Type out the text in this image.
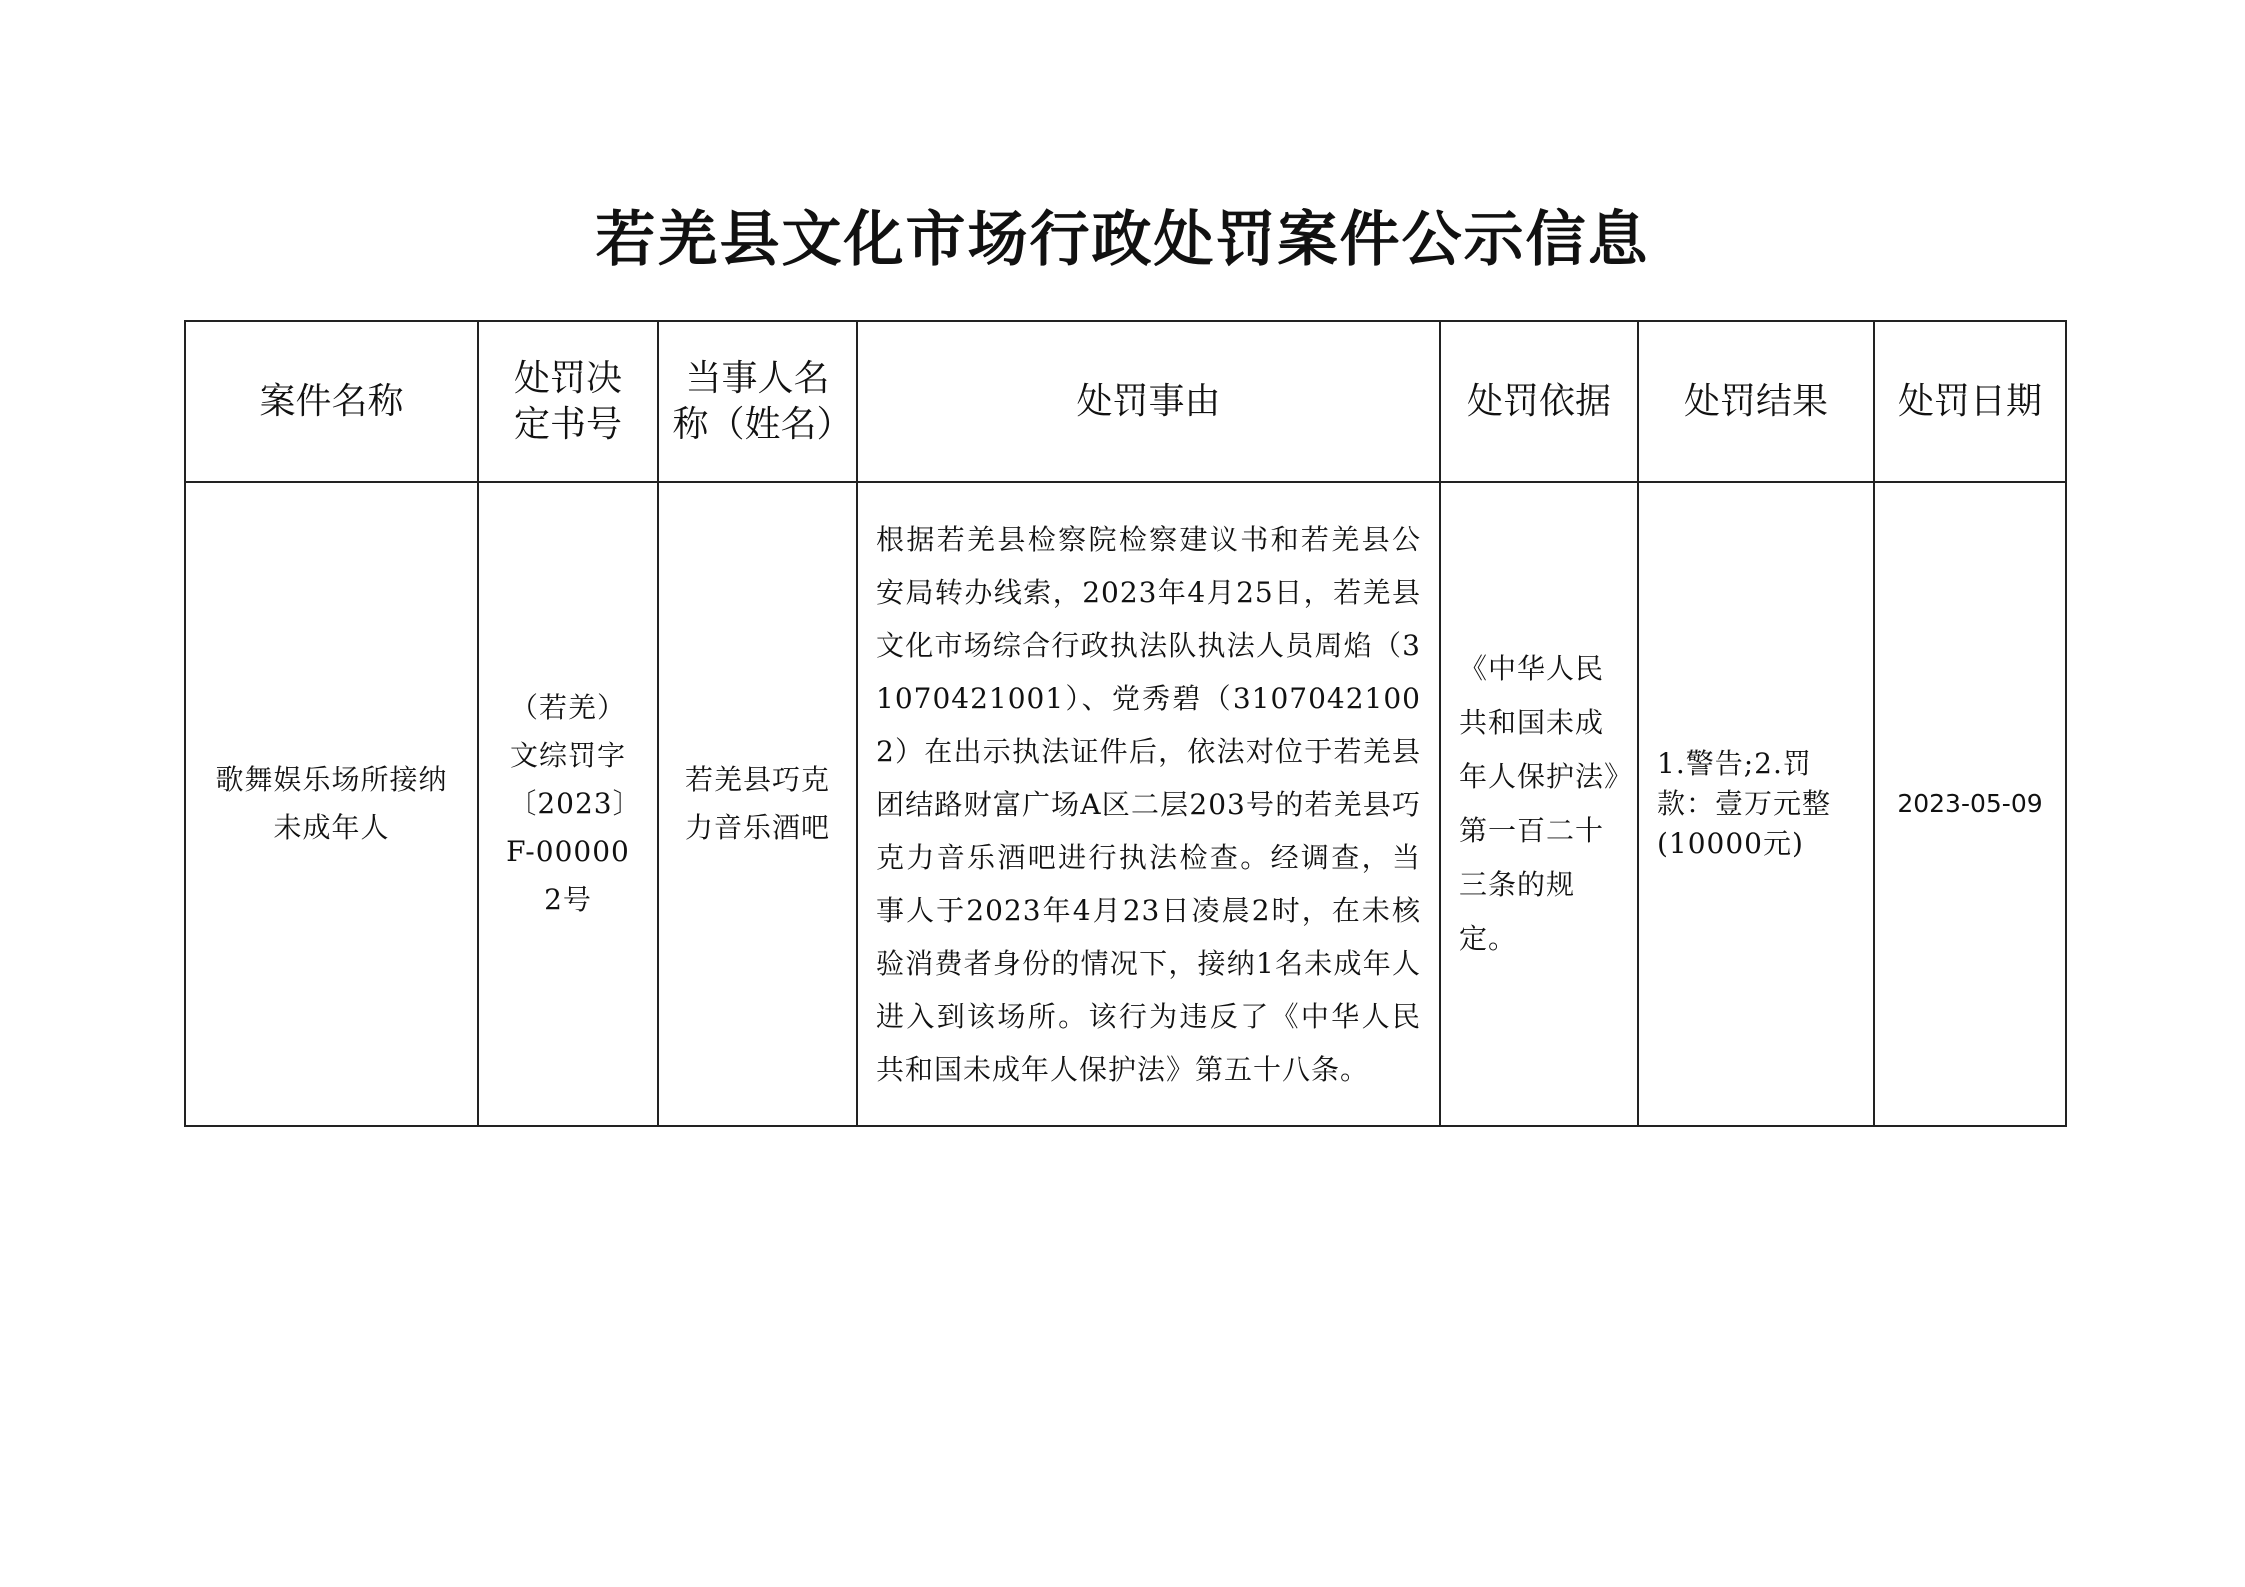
若羌县文化市场行政处罚案件公示信息
案件名称	处罚决定书号	当事人名称（姓名）	处罚事由	处罚依据	处罚结果	处罚日期

歌舞娱乐场所接纳未成年人	（若羌）文综罚字〔2023〕F-000002号	若羌县巧克力音乐酒吧	根据若羌县检察院检察建议书和若羌县公安局转办线索，2023年4月25日，若羌县文化市场综合行政执法队执法人员周焰（31070421001）、党秀碧（31070421002）在出示执法证件后，依法对位于若羌县团结路财富广场A区二层203号的若羌县巧克力音乐酒吧进行执法检查。经调查，当事人于2023年4月23日凌晨2时，在未核验消费者身份的情况下，接纳1名未成年人进入到该场所。该行为违反了《中华人民共和国未成年人保护法》第五十八条。	《中华人民共和国未成年人保护法》第一百二十三条的规定。	1.警告;2.罚款：壹万元整(10000元)	2023-05-09
